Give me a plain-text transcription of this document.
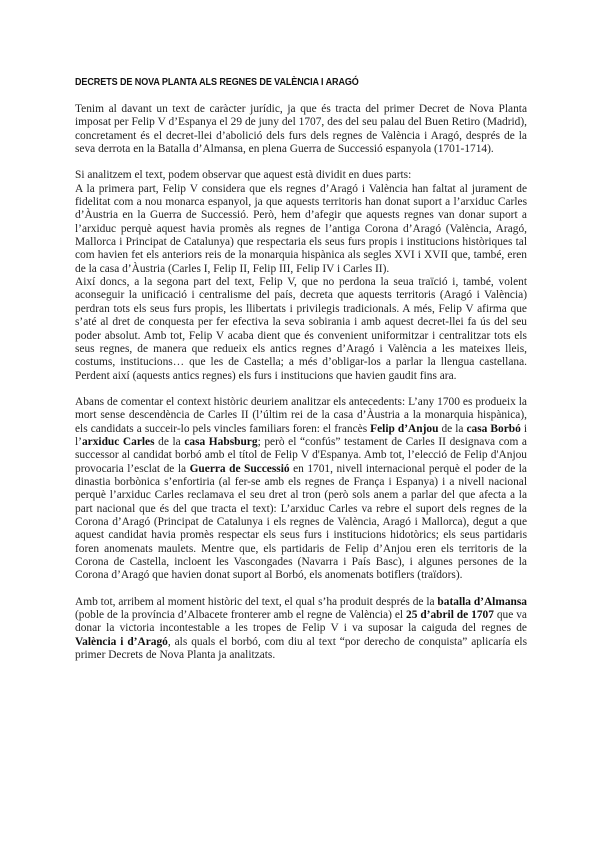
DECRETS DE NOVA PLANTA ALS REGNES DE VALÈNCIA I ARAGÓ

Tenim al davant un text de caràcter jurídic, ja que és tracta del primer Decret de Nova Planta imposat per Felip V d’Espanya el 29 de juny del 1707, des del seu palau del Buen Retiro (Madrid), concretament és el decret-llei d’abolició dels furs dels regnes de València i Aragó, després de la seva derrota en la Batalla d’Almansa, en plena Guerra de Successió espanyola (1701-1714).

Si analitzem el text, podem observar que aquest està dividit en dues parts:

A la primera part, Felip V considera que els regnes d’Aragó i València han faltat al jurament de fidelitat com a nou monarca espanyol, ja que aquests territoris han donat suport a l’arxiduc Carles d’Àustria en la Guerra de Successió. Però, hem d’afegir que aquests regnes van donar suport a l’arxiduc perquè aquest havia promès als regnes de l’antiga Corona d’Aragó (València, Aragó, Mallorca i Principat de Catalunya) que respectaria els seus furs propis i institucions històriques tal com havien fet els anteriors reis de la monarquia hispànica als segles XVI i XVII que, també, eren de la casa d’Àustria (Carles I, Felip II, Felip III, Felip IV i Carles II).

Així doncs, a la segona part del text, Felip V, que no perdona la seua traïció i, també, volent aconseguir la unificació i centralisme del país, decreta que aquests territoris (Aragó i València) perdran tots els seus furs propis, les llibertats i privilegis tradicionals. A més, Felip V afirma que s’até al dret de conquesta per fer efectiva la seva sobirania i amb aquest decret-llei fa ús del seu poder absolut. Amb tot, Felip V acaba dient que és convenient uniformitzar i centralitzar tots els seus regnes, de manera que redueix els antics regnes d’Aragó i València a les mateixes lleis, costums, institucions… que les de Castella; a més d’obligar-los a parlar la llengua castellana. Perdent així (aquests antics regnes) els furs i institucions que havien gaudit fins ara.

Abans de comentar el context històric deuriem analitzar els antecedents: L’any 1700 es produeix la mort sense descendència de Carles II (l’últim rei de la casa d’Àustria a la monarquia hispànica), els candidats a succeir-lo pels vincles familiars foren: el francès Felip d’Anjou de la casa Borbó i l’arxiduc Carles de la casa Habsburg; però el “confús” testament de Carles II designava com a successor al candidat borbó amb el títol de Felip V d'Espanya. Amb tot, l’elecció de Felip d'Anjou provocaria l’esclat de la Guerra de Successió en 1701, nivell internacional perquè el poder de la dinastia borbònica s’enfortiria (al fer-se amb els regnes de França i Espanya) i a nivell nacional perquè l’arxiduc Carles reclamava el seu dret al tron (però sols anem a parlar del que afecta a la part nacional que és del que tracta el text): L’arxiduc Carles va rebre el suport dels regnes de la Corona d’Aragó (Principat de Catalunya i els regnes de València, Aragó i Mallorca), degut a que aquest candidat havia promès respectar els seus furs i institucions hidotòrics; els seus partidaris foren anomenats maulets. Mentre que, els partidaris de Felip d’Anjou eren els territoris de la Corona de Castella, incloent les Vascongades (Navarra i País Basc), i algunes persones de la Corona d’Aragó que havien donat suport al Borbó, els anomenats botiflers (traïdors).

Amb tot, arribem al moment històric del text, el qual s’ha produit després de la batalla d’Almansa (poble de la província d’Albacete fronterer amb el regne de València) el 25 d’abril de 1707 que va donar la victoria incontestable a les tropes de Felip V i va suposar la caiguda del regnes de València i d’Aragó, als quals el borbó, com diu al text “por derecho de conquista” aplicaría els primer Decrets de Nova Planta ja analitzats.
